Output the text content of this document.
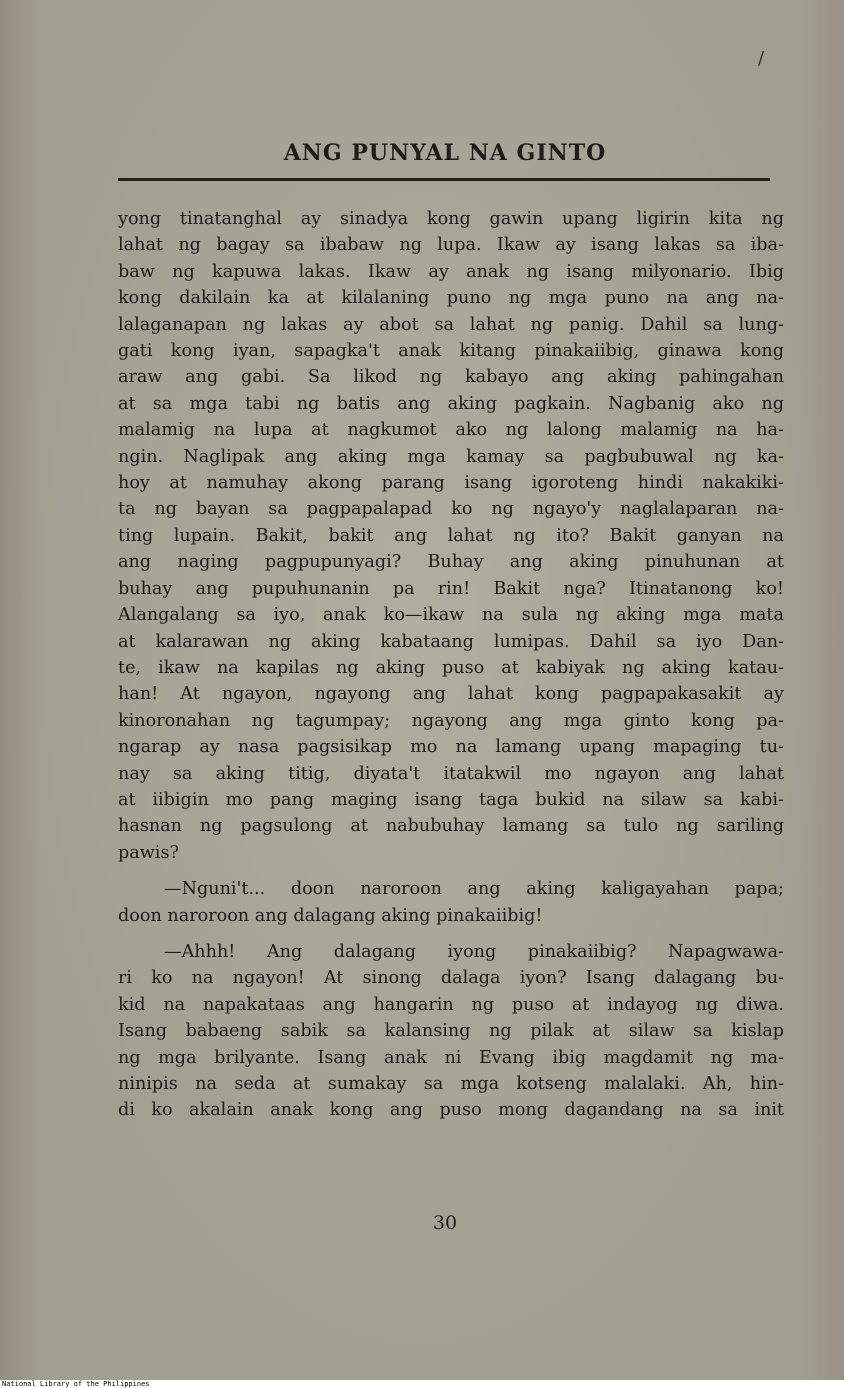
/
ANG PUNYAL NA GINTO

yong tinatanghal ay sinadya kong gawin upang ligirin kita ng
lahat ng bagay sa ibabaw ng lupa. Ikaw ay isang lakas sa iba-
baw ng kapuwa lakas. Ikaw ay anak ng isang milyonario. Ibig
kong dakilain ka at kilalaning puno ng mga puno na ang na-
lalaganapan ng lakas ay abot sa lahat ng panig. Dahil sa lung-
gati kong iyan, sapagka't anak kitang pinakaiibig, ginawa kong
araw ang gabi. Sa likod ng kabayo ang aking pahingahan
at sa mga tabi ng batis ang aking pagkain. Nagbanig ako ng
malamig na lupa at nagkumot ako ng lalong malamig na ha-
ngin. Naglipak ang aking mga kamay sa pagbubuwal ng ka-
hoy at namuhay akong parang isang igoroteng hindi nakakiki-
ta ng bayan sa pagpapalapad ko ng ngayo'y naglalaparan na-
ting lupain. Bakit, bakit ang lahat ng ito? Bakit ganyan na
ang naging pagpupunyagi? Buhay ang aking pinuhunan at
buhay ang pupuhunanin pa rin! Bakit nga? Itinatanong ko!
Alangalang sa iyo, anak ko—ikaw na sula ng aking mga mata
at kalarawan ng aking kabataang lumipas. Dahil sa iyo Dan-
te, ikaw na kapilas ng aking puso at kabiyak ng aking katau-
han! At ngayon, ngayong ang lahat kong pagpapakasakit ay
kinoronahan ng tagumpay; ngayong ang mga ginto kong pa-
ngarap ay nasa pagsisikap mo na lamang upang mapaging tu-
nay sa aking titig, diyata't itatakwil mo ngayon ang lahat
at iibigin mo pang maging isang taga bukid na silaw sa kabi-
hasnan ng pagsulong at nabubuhay lamang sa tulo ng sariling
pawis?

—Nguni't... doon naroroon ang aking kaligayahan papa;
doon naroroon ang dalagang aking pinakaiibig!

—Ahhh! Ang dalagang iyong pinakaiibig? Napagwawa-
ri ko na ngayon! At sinong dalaga iyon? Isang dalagang bu-
kid na napakataas ang hangarin ng puso at indayog ng diwa.
Isang babaeng sabik sa kalansing ng pilak at silaw sa kislap
ng mga brilyante. Isang anak ni Evang ibig magdamit ng ma-
ninipis na seda at sumakay sa mga kotseng malalaki. Ah, hin-
di ko akalain anak kong ang puso mong dagandang na sa init

30
National Library of the Philippines
